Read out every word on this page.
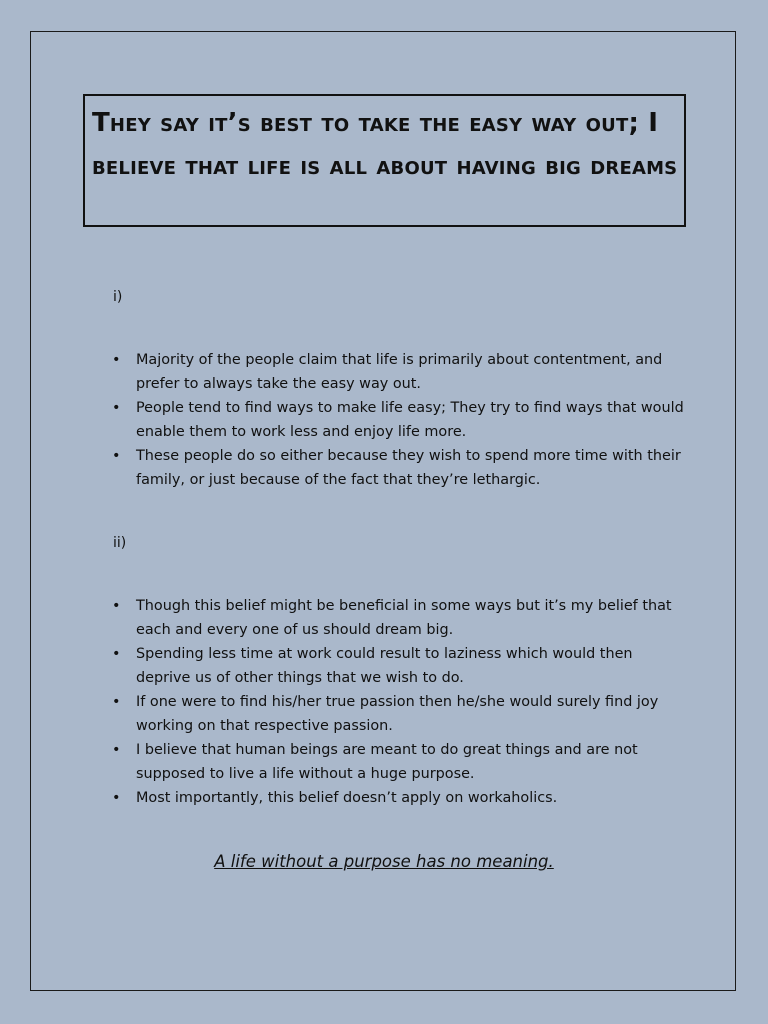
They say it’s best to take the easy way out; I believe that life is all about having big dreams
i)
• Majority of the people claim that life is primarily about contentment, and prefer to always take the easy way out.
• People tend to find ways to make life easy; They try to find ways that would enable them to work less and enjoy life more.
• These people do so either because they wish to spend more time with their family, or just because of the fact that they’re lethargic.
ii)
• Though this belief might be beneficial in some ways but it’s my belief that each and every one of us should dream big.
• Spending less time at work could result to laziness which would then deprive us of other things that we wish to do.
• If one were to find his/her true passion then he/she would surely find joy working on that respective passion.
• I believe that human beings are meant to do great things and are not supposed to live a life without a huge purpose.
• Most importantly, this belief doesn’t apply on workaholics.
A life without a purpose has no meaning.
